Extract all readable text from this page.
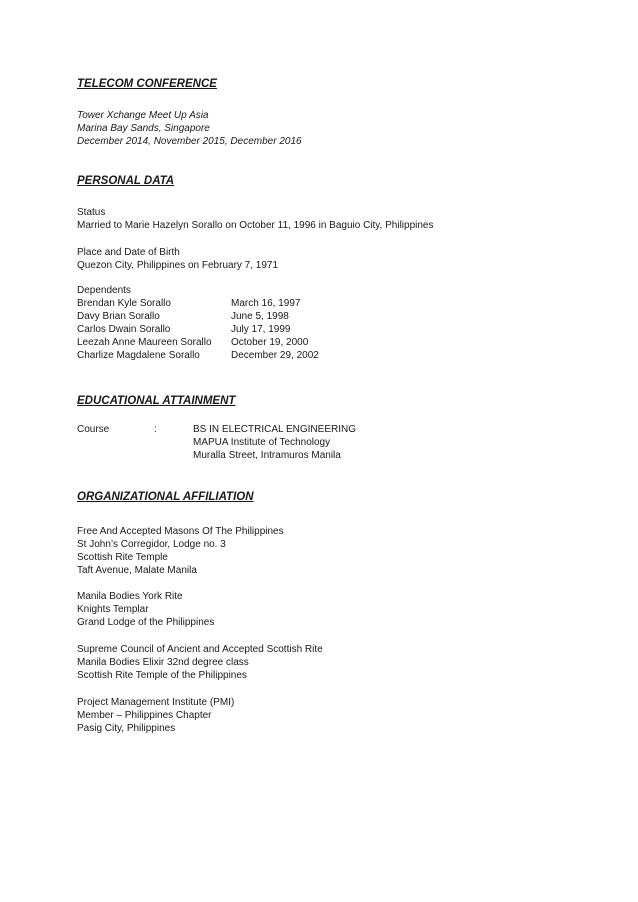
TELECOM CONFERENCE
Tower Xchange Meet Up Asia
Marina Bay Sands, Singapore
December 2014, November 2015, December 2016
PERSONAL DATA
Status
Married to Marie Hazelyn Sorallo on October 11, 1996 in Baguio City, Philippines
Place and Date of Birth
Quezon City, Philippines on February 7, 1971
Dependents
Brendan Kyle Sorallo	March 16, 1997
Davy Brian Sorallo	June 5, 1998
Carlos Dwain Sorallo	July 17, 1999
Leezah Anne Maureen Sorallo October 19, 2000
Charlize Magdalene Sorallo	December 29, 2002
EDUCATIONAL ATTAINMENT
Course	:	BS IN ELECTRICAL ENGINEERING
MAPUA Institute of Technology
Muralla Street, Intramuros Manila
ORGANIZATIONAL AFFILIATION
Free And Accepted Masons Of The Philippines
St John’s Corregidor, Lodge no. 3
Scottish Rite Temple
Taft Avenue, Malate Manila
Manila Bodies York Rite
Knights Templar
Grand Lodge of the Philippines
Supreme Council of Ancient and Accepted Scottish Rite
Manila Bodies Elixir 32nd degree class
Scottish Rite Temple of the Philippines
Project Management Institute (PMI)
Member – Philippines Chapter
Pasig City, Philippines
